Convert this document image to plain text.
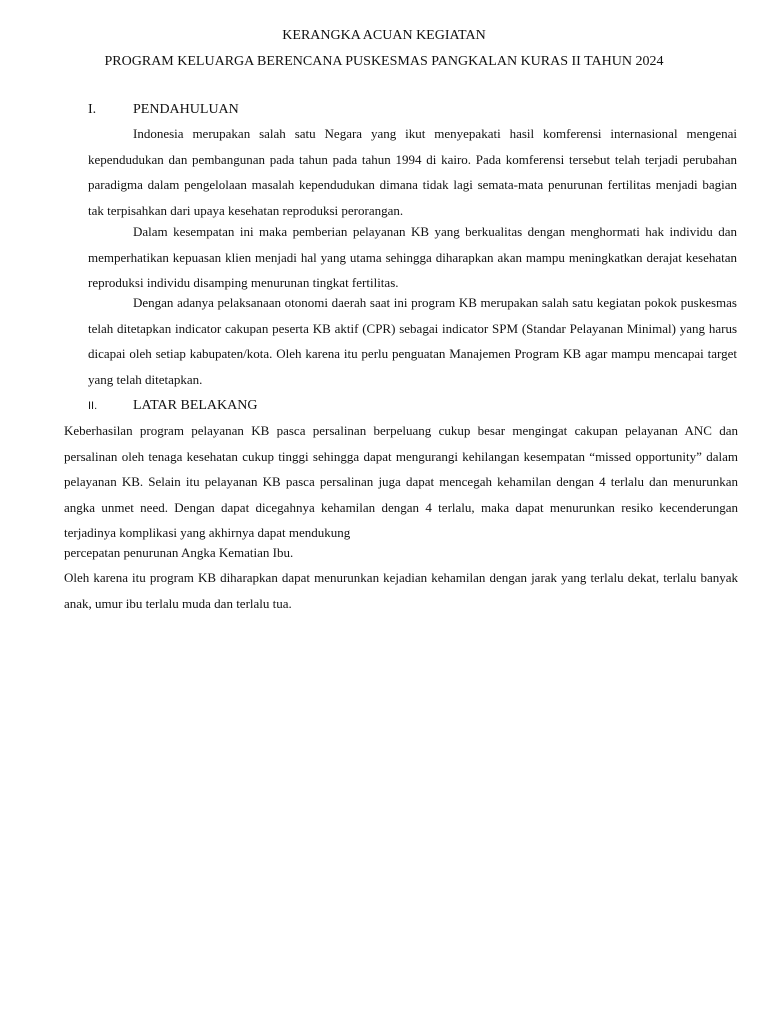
KERANGKA ACUAN KEGIATAN
PROGRAM KELUARGA BERENCANA PUSKESMAS PANGKALAN KURAS II TAHUN 2024
I.	PENDAHULUAN

Indonesia merupakan salah satu Negara yang ikut menyepakati hasil komferensi internasional mengenai kependudukan dan pembangunan pada tahun pada tahun 1994 di kairo. Pada komferensi tersebut telah terjadi perubahan paradigma dalam pengelolaan masalah kependudukan dimana tidak lagi semata-mata penurunan fertilitas menjadi bagian tak terpisahkan dari upaya kesehatan reproduksi perorangan.

Dalam kesempatan ini maka pemberian pelayanan KB yang berkualitas dengan menghormati hak individu dan memperhatikan kepuasan klien menjadi hal yang utama sehingga diharapkan akan mampu meningkatkan derajat kesehatan reproduksi individu disamping menurunan tingkat fertilitas.

Dengan adanya pelaksanaan otonomi daerah saat ini program KB merupakan salah satu kegiatan pokok puskesmas telah ditetapkan indicator cakupan peserta KB aktif (CPR) sebagai indicator SPM (Standar Pelayanan Minimal) yang harus dicapai oleh setiap kabupaten/kota. Oleh karena itu perlu penguatan Manajemen Program KB agar mampu mencapai target yang telah ditetapkan.

II.	LATAR BELAKANG

Keberhasilan program pelayanan KB pasca persalinan berpeluang cukup besar mengingat cakupan pelayanan ANC dan persalinan oleh tenaga kesehatan cukup tinggi sehingga dapat mengurangi kehilangan kesempatan “missed opportunity” dalam pelayanan KB. Selain itu pelayanan KB pasca persalinan juga dapat mencegah kehamilan dengan 4 terlalu dan menurunkan angka unmet need. Dengan dapat dicegahnya kehamilan dengan 4 terlalu, maka dapat menurunkan resiko kecenderungan terjadinya komplikasi yang akhirnya dapat mendukung

percepatan penurunan Angka Kematian Ibu.

Oleh karena itu program KB diharapkan dapat menurunkan kejadian kehamilan dengan jarak yang terlalu dekat, terlalu banyak anak, umur ibu terlalu muda dan terlalu tua.
